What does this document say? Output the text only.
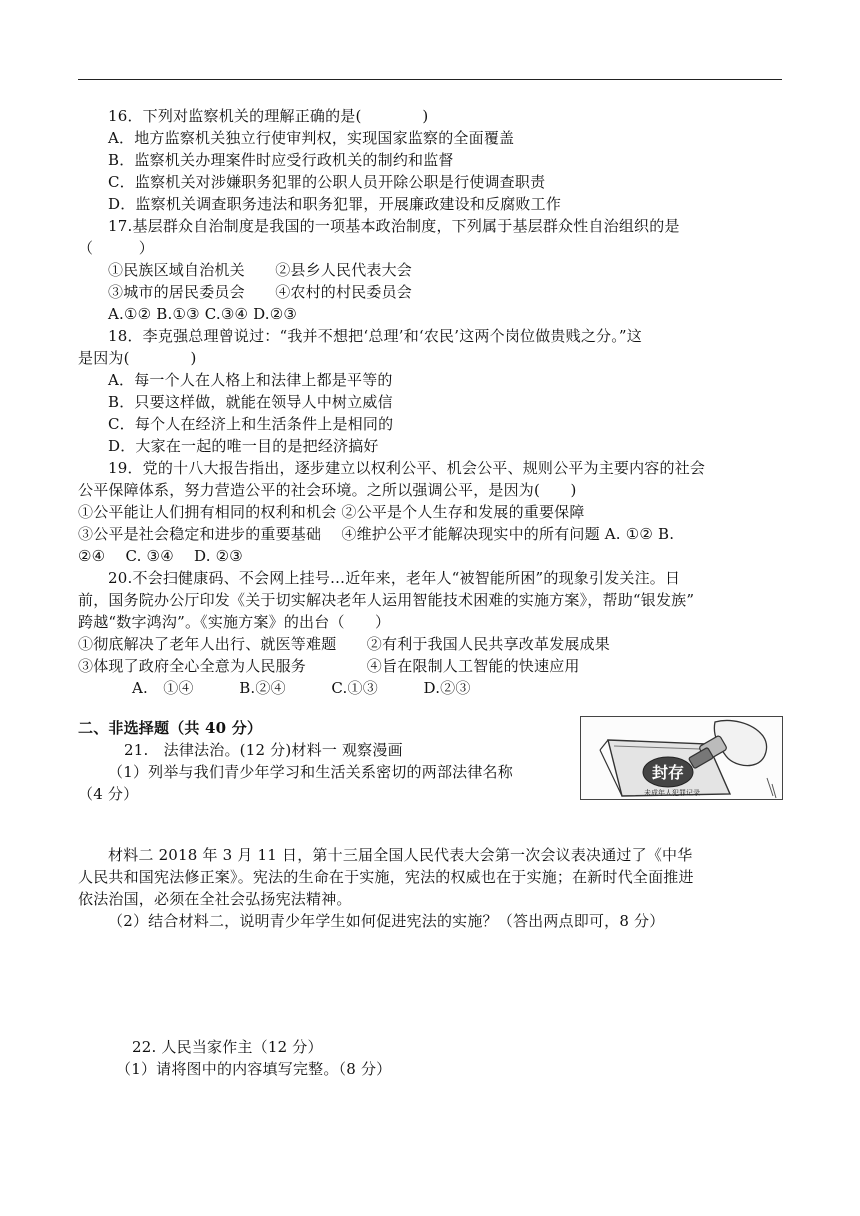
16．下列对监察机关的理解正确的是(　　　　)
A．地方监察机关独立行使审判权，实现国家监察的全面覆盖
B．监察机关办理案件时应受行政机关的制约和监督
C．监察机关对涉嫌职务犯罪的公职人员开除公职是行使调查职责
D．监察机关调查职务违法和职务犯罪，开展廉政建设和反腐败工作
17.基层群众自治制度是我国的一项基本政治制度，下列属于基层群众性自治组织的是
（　　　）
①民族区域自治机关　　②县乡人民代表大会
③城市的居民委员会　　④农村的村民委员会
A.①② B.①③ C.③④ D.②③
18．李克强总理曾说过：“我并不想把‘总理’和‘农民’这两个岗位做贵贱之分。”这
是因为(　　　　)
A．每一个人在人格上和法律上都是平等的
B．只要这样做，就能在领导人中树立威信
C．每个人在经济上和生活条件上是相同的
D．大家在一起的唯一目的是把经济搞好
19．党的十八大报告指出，逐步建立以权利公平、机会公平、规则公平为主要内容的社会
公平保障体系，努力营造公平的社会环境。之所以强调公平，是因为(　　)
①公平能让人们拥有相同的权利和机会 ②公平是个人生存和发展的重要保障
③公平是社会稳定和进步的重要基础　 ④维护公平才能解决现实中的所有问题 A. ①② B.
②④　 C. ③④　 D. ②③
20.不会扫健康码、不会网上挂号…近年来，老年人“被智能所困”的现象引发关注。日
前，国务院办公厅印发《关于切实解决老年人运用智能技术困难的实施方案》，帮助“银发族”
跨越“数字鸿沟”。《实施方案》的出台（　　）
①彻底解决了老年人出行、就医等难题　　②有利于我国人民共享改革发展成果
③体现了政府全心全意为人民服务　　　　④旨在限制人工智能的快速应用
A.　①④　　　B.②④　　　C.①③　　　D.②③
二、非选择题（共 40 分）
21.　法律法治。(12 分)材料一 观察漫画
（1）列举与我们青少年学习和生活关系密切的两部法律名称
（4 分）
封存
未成年人犯罪记录
材料二 2018 年 3 月 11 日，第十三届全国人民代表大会第一次会议表决通过了《中华
人民共和国宪法修正案》。宪法的生命在于实施，宪法的权威也在于实施；在新时代全面推进
依法治国，必须在全社会弘扬宪法精神。
（2）结合材料二，说明青少年学生如何促进宪法的实施？（答出两点即可，8 分）
22. 人民当家作主（12 分）
（1）请将图中的内容填写完整。（8 分）
